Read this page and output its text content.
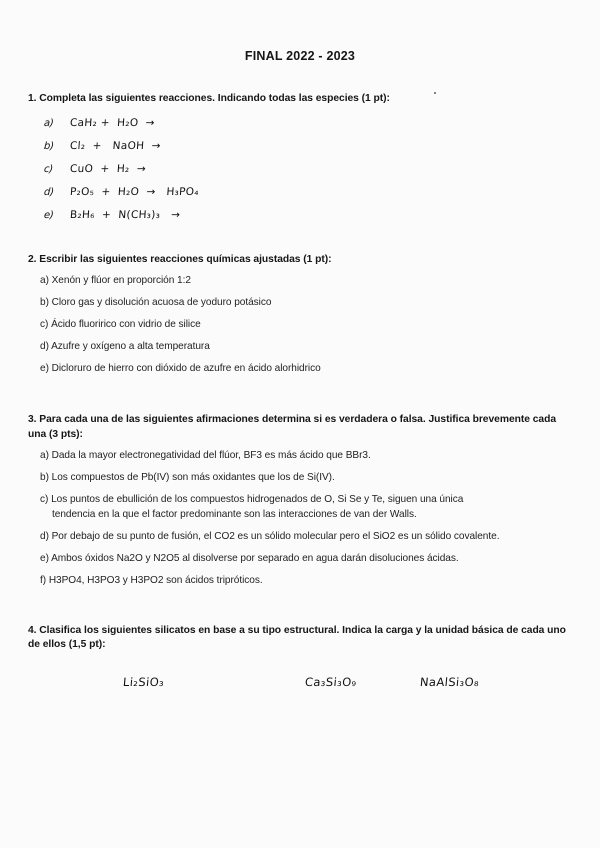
FINAL 2022 - 2023

1. Completa las siguientes reacciones. Indicando todas las especies (1 pt):

a)	CaH₂ +  H₂O  →
b)	Cl₂  +   NaOH  →
c)	CuO  +  H₂  →
d)	P₂O₅  +  H₂O  →   H₃PO₄
e)	B₂H₆  +  N(CH₃)₃   →

2. Escribir las siguientes reacciones químicas ajustadas (1 pt):

a) Xenón y flúor en proporción 1:2
b) Cloro gas y disolución acuosa de yoduro potásico
c) Ácido fluoririco con vidrio de silice
d) Azufre y oxígeno a alta temperatura
e) Dicloruro de hierro con dióxido de azufre en ácido alorhidrico

3. Para cada una de las siguientes afirmaciones determina si es verdadera o falsa. Justifica brevemente cada una (3 pts):

a) Dada la mayor electronegatividad del flúor, BF3 es más ácido que BBr3.
b) Los compuestos de Pb(IV) son más oxidantes que los de Si(IV).
c) Los puntos de ebullición de los compuestos hidrogenados de O, Si Se y Te, siguen una única
tendencia en la que el factor predominante son las interacciones de van der Walls.
d) Por debajo de su punto de fusión, el CO2 es un sólido molecular pero el SiO2 es un sólido covalente.
e) Ambos óxidos Na2O y N2O5 al disolverse por separado en agua darán disoluciones ácidas.
f) H3PO4, H3PO3 y H3PO2 son ácidos tripróticos.

4. Clasifica los siguientes silicatos en base a su tipo estructural. Indica la carga y la unidad básica de cada uno de ellos (1,5 pt):

Li₂SiO₃	Ca₃Si₃O₉	NaAlSi₃O₈
